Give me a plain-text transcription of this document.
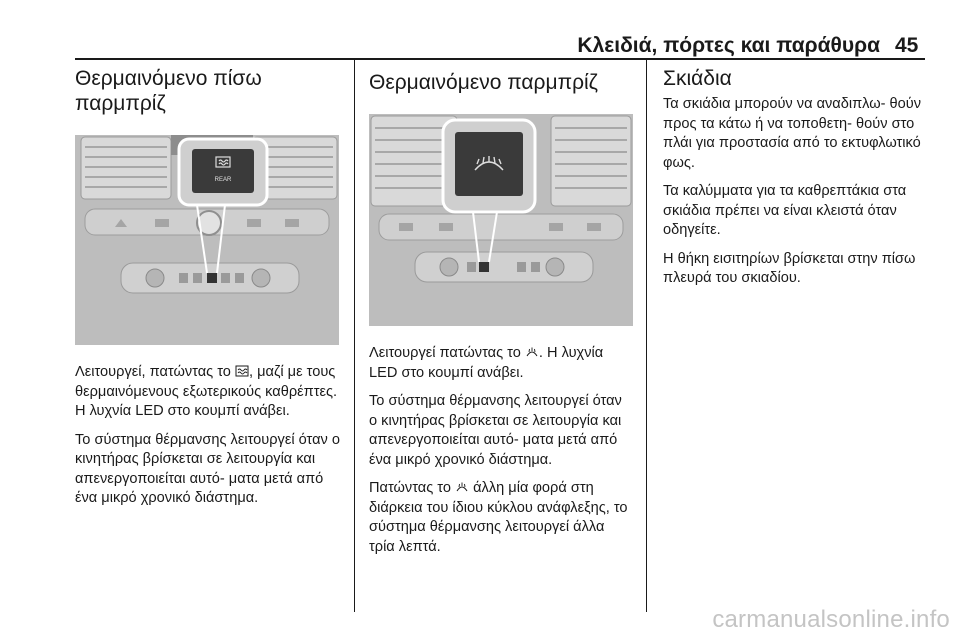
Κλειδιά, πόρτες και παράθυρα 45
Θερμαινόμενο πίσω
παρμπρίζ
REAR

Λειτουργεί, πατώντας το , μαζί με τους θερμαινόμενους εξωτερικούς καθρέπτες. Η λυχνία LED στο κουμπί ανάβει.

Το σύστημα θέρμανσης λειτουργεί όταν ο κινητήρας βρίσκεται σε λειτουργία και απενεργοποιείται αυτό- ματα μετά από ένα μικρό χρονικό διάστημα.

Θερμαινόμενο παρμπρίζ

Λειτουργεί πατώντας το . Η λυχνία LED στο κουμπί ανάβει.

Το σύστημα θέρμανσης λειτουργεί όταν ο κινητήρας βρίσκεται σε λειτουργία και απενεργοποιείται αυτό- ματα μετά από ένα μικρό χρονικό διάστημα.

Πατώντας το άλλη μία φορά στη διάρκεια του ίδιου κύκλου ανάφλεξης, το σύστημα θέρμανσης λειτουργεί άλλα τρία λεπτά.

Σκιάδια

Τα σκιάδια μπορούν να αναδιπλω- θούν προς τα κάτω ή να τοποθετη- θούν στο πλάι για προστασία από το εκτυφλωτικό φως.

Τα καλύμματα για τα καθρεπτάκια στα σκιάδια πρέπει να είναι κλειστά όταν οδηγείτε.

Η θήκη εισιτηρίων βρίσκεται στην πίσω πλευρά του σκιαδίου.

carmanualsonline.info
